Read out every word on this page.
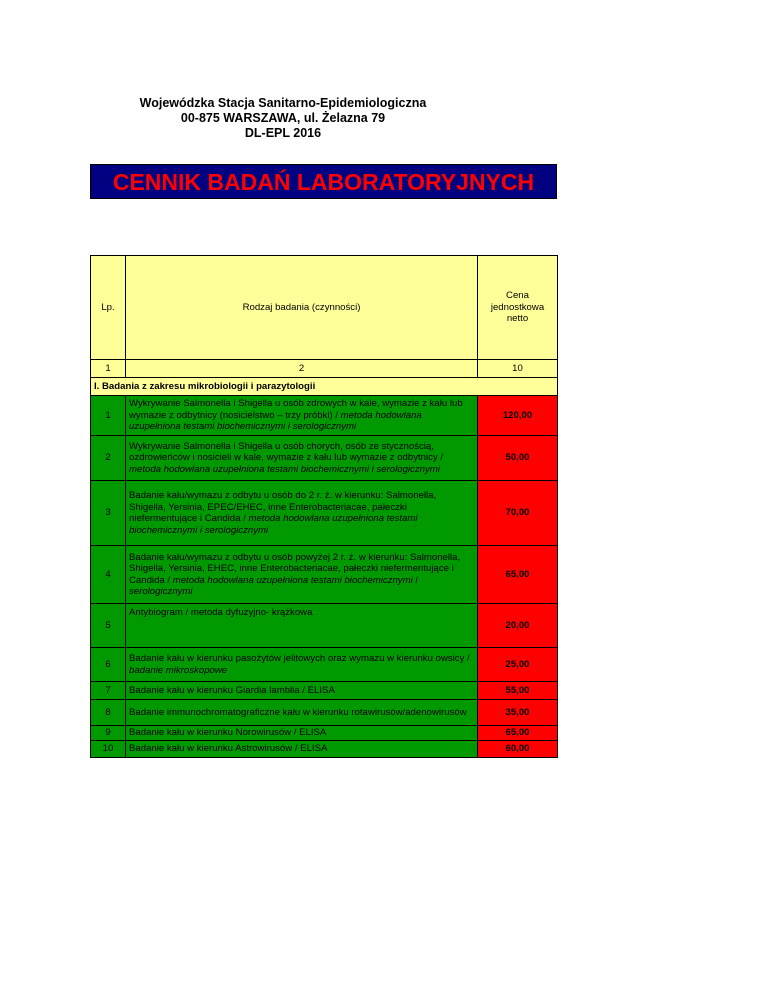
Wojewódzka Stacja Sanitarno-Epidemiologiczna
00-875 WARSZAWA, ul. Żelazna 79
DL-EPL 2016
CENNIK BADAŃ LABORATORYJNYCH
Lp.	Rodzaj badania (czynności)	Cena jednostkowa netto
1	2	10
I. Badania z zakresu mikrobiologii i parazytologii		
1	Wykrywanie Salmonella i Shigella u osób zdrowych w kale, wymazie z kału lub wymazie z odbytnicy (nosicielstwo – trzy próbki) / metoda hodowlana uzupełniona testami biochemicznymi i serologicznymi	120,00
2	Wykrywanie Salmonella i Shigella u osób chorych, osób ze stycznością, ozdrowieńców i nosicieli w kale, wymazie z kału lub wymazie z odbytnicy / metoda hodowlana uzupełniona testami biochemicznymi i serologicznymi	50,00
3	Badanie kału/wymazu z odbytu u osób do 2 r. ż. w kierunku: Salmonella, Shigella, Yersinia, EPEC/EHEC, inne Enterobacteriacae, pałeczki niefermentujące i Candida / metoda hodowlana uzupełniona testami biochemicznymi i serologicznymi	70,00
4	Badanie kału/wymazu z odbytu u osób powyżej 2 r. ż. w kierunku: Salmonella, Shigella, Yersinia, EHEC, inne Enterobacteriacae, pałeczki niefermentujące i Candida / metoda hodowlana uzupełniona testami biochemicznymi i serologicznymi	65,00
5	Antybiogram / metoda dyfuzyjno- krążkowa	20,00
6	Badanie kału w kierunku pasożytów jelitowych oraz wymazu w kierunku owsicy / badanie mikroskopowe	25,00
7	Badanie kału w kierunku Giardia lamblia / ELISA	55,00
8	Badanie immunochromatograficzne kału w kierunku rotawirusów/adenowirusów	35,00
9	Badanie kału w kierunku Norowirusów / ELISA	65,00
10	Badanie kału w kierunku Astrowirusów / ELISA	60,00
